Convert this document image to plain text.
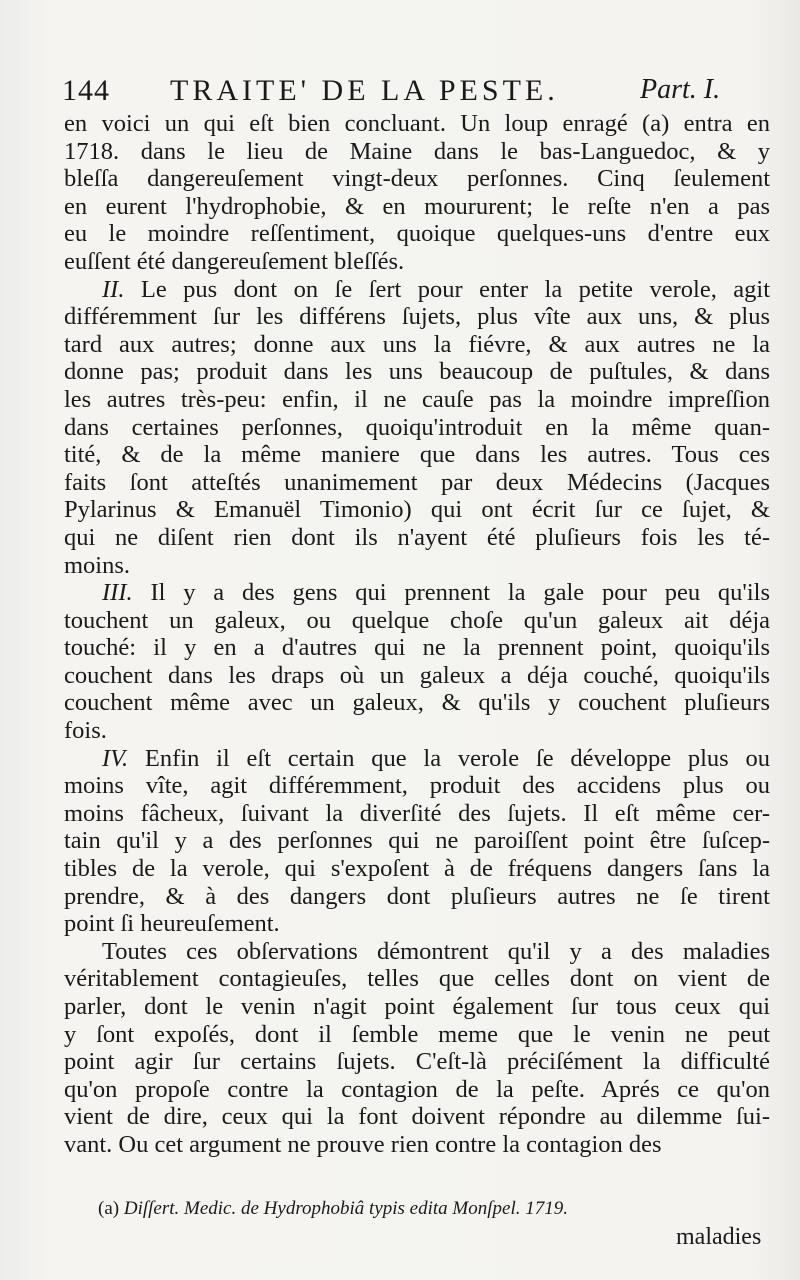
144 TRAITE' DE LA PESTE.	Part. I.
en voici un qui eſt bien concluant. Un loup enragé (a) entra en
1718. dans le lieu de Maine dans le bas-Languedoc, & y
bleſſa dangereuſement vingt-deux perſonnes. Cinq ſeulement
en eurent l'hydrophobie, & en moururent; le reſte n'en a pas
eu le moindre reſſentiment, quoique quelques-uns d'entre eux
euſſent été dangereuſement bleſſés.
II. Le pus dont on ſe ſert pour enter la petite verole, agit
différemment ſur les différens ſujets, plus vîte aux uns, & plus
tard aux autres; donne aux uns la fiévre, & aux autres ne la
donne pas; produit dans les uns beaucoup de puſtules, & dans
les autres très-peu: enfin, il ne cauſe pas la moindre impreſſion
dans certaines perſonnes, quoiqu'introduit en la même quan-
tité, & de la même maniere que dans les autres. Tous ces
faits ſont atteſtés unanimement par deux Médecins (Jacques
Pylarinus & Emanuël Timonio) qui ont écrit ſur ce ſujet, &
qui ne diſent rien dont ils n'ayent été pluſieurs fois les té-
moins.
III. Il y a des gens qui prennent la gale pour peu qu'ils
touchent un galeux, ou quelque choſe qu'un galeux ait déja
touché: il y en a d'autres qui ne la prennent point, quoiqu'ils
couchent dans les draps où un galeux a déja couché, quoiqu'ils
couchent même avec un galeux, & qu'ils y couchent pluſieurs
fois.
IV. Enfin il eſt certain que la verole ſe développe plus ou
moins vîte, agit différemment, produit des accidens plus ou
moins fâcheux, ſuivant la diverſité des ſujets. Il eſt même cer-
tain qu'il y a des perſonnes qui ne paroiſſent point être ſuſcep-
tibles de la verole, qui s'expoſent à de fréquens dangers ſans la
prendre, & à des dangers dont pluſieurs autres ne ſe tirent
point ſi heureuſement.
Toutes ces obſervations démontrent qu'il y a des maladies
véritablement contagieuſes, telles que celles dont on vient de
parler, dont le venin n'agit point également ſur tous ceux qui
y ſont expoſés, dont il ſemble meme que le venin ne peut
point agir ſur certains ſujets. C'eſt-là préciſément la difficulté
qu'on propoſe contre la contagion de la peſte. Aprés ce qu'on
vient de dire, ceux qui la font doivent répondre au dilemme ſui-
vant. Ou cet argument ne prouve rien contre la contagion des
(a) Diſſert. Medic. de Hydrophobiâ typis edita Monſpel. 1719.
maladies
